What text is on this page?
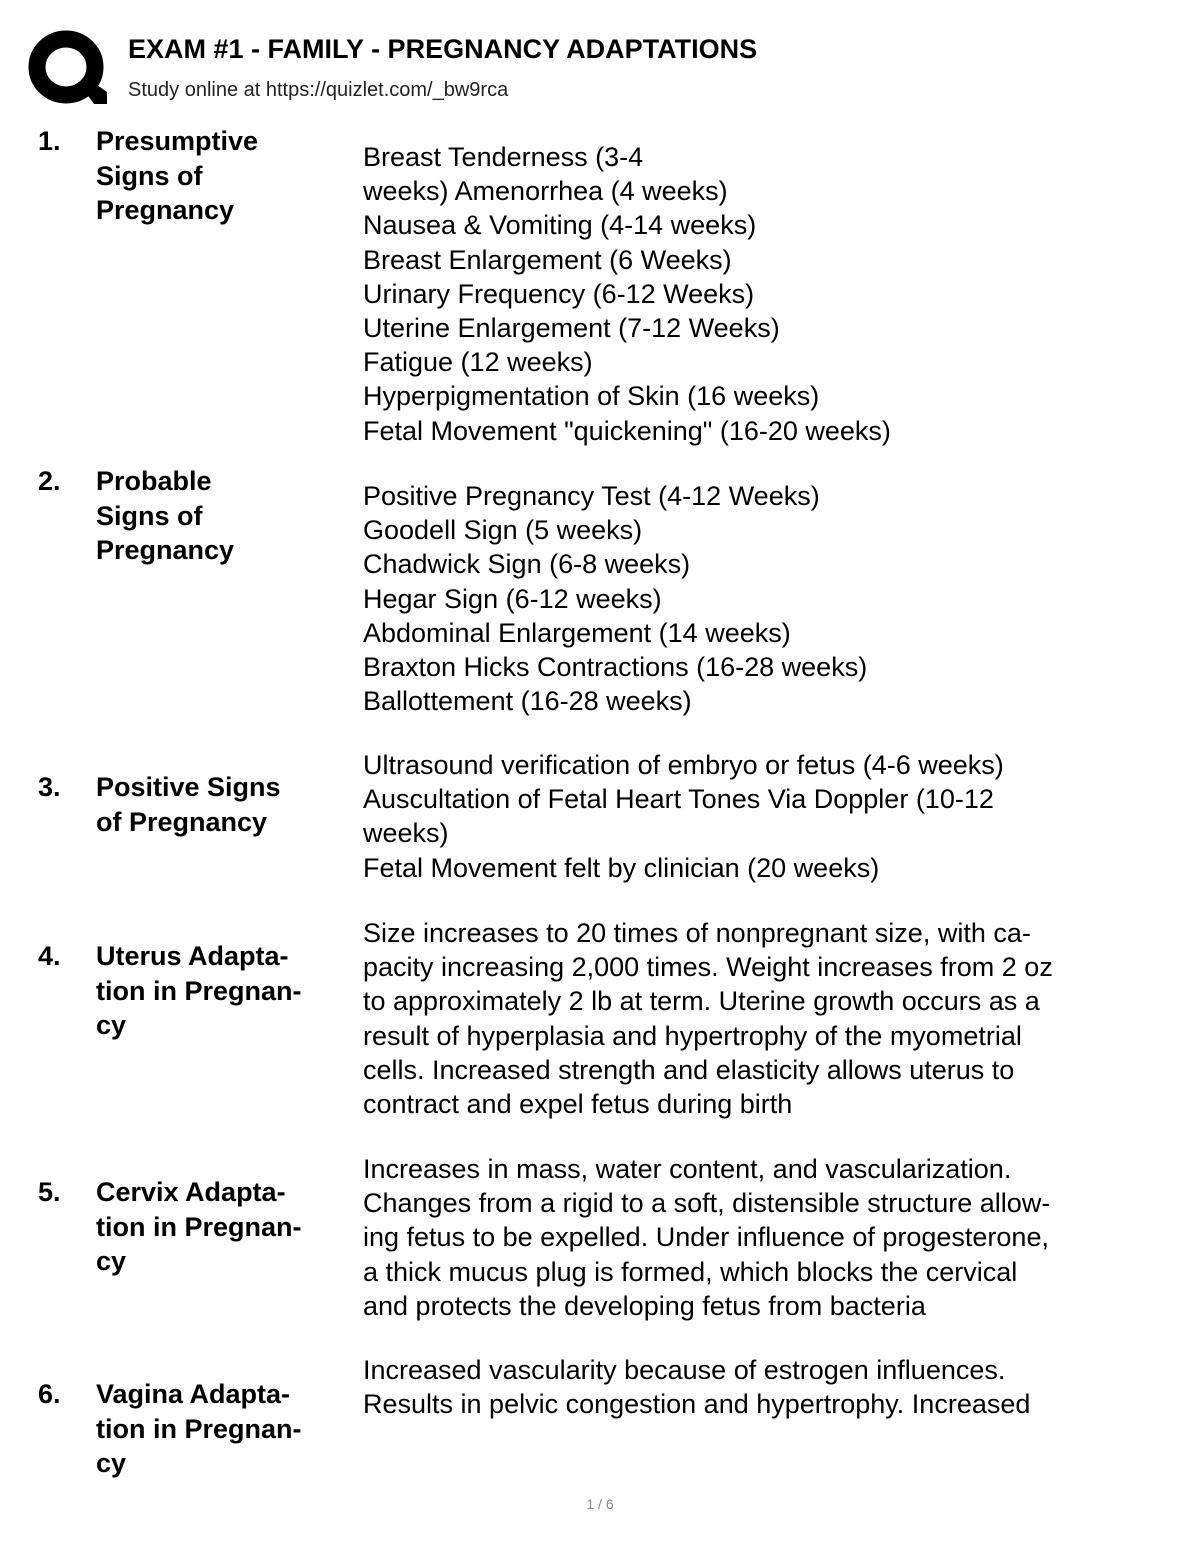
EXAM #1 - FAMILY - PREGNANCY ADAPTATIONS
Study online at https://quizlet.com/_bw9rca
1. Presumptive
Signs of
Pregnancy
Breast Tenderness (3-4
weeks) Amenorrhea (4 weeks)
Nausea & Vomiting (4-14 weeks)
Breast Enlargement (6 Weeks)
Urinary Frequency (6-12 Weeks)
Uterine Enlargement (7-12 Weeks)
Fatigue (12 weeks)
Hyperpigmentation of Skin (16 weeks)
Fetal Movement "quickening" (16-20 weeks)
2. Probable
Signs of
Pregnancy
Positive Pregnancy Test (4-12 Weeks)
Goodell Sign (5 weeks)
Chadwick Sign (6-8 weeks)
Hegar Sign (6-12 weeks)
Abdominal Enlargement (14 weeks)
Braxton Hicks Contractions (16-28 weeks)
Ballottement (16-28 weeks)
3. Positive Signs
of Pregnancy
Ultrasound verification of embryo or fetus (4-6 weeks)
Auscultation of Fetal Heart Tones Via Doppler (10-12
weeks)
Fetal Movement felt by clinician (20 weeks)
4. Uterus Adapta-
tion in Pregnan-
cy
Size increases to 20 times of nonpregnant size, with ca-
pacity increasing 2,000 times. Weight increases from 2 oz
to approximately 2 lb at term. Uterine growth occurs as a
result of hyperplasia and hypertrophy of the myometrial
cells. Increased strength and elasticity allows uterus to
contract and expel fetus during birth
5. Cervix Adapta-
tion in Pregnan-
cy
Increases in mass, water content, and vascularization.
Changes from a rigid to a soft, distensible structure allow-
ing fetus to be expelled. Under influence of progesterone,
a thick mucus plug is formed, which blocks the cervical
and protects the developing fetus from bacteria
6. Vagina Adapta-
tion in Pregnan-
cy
Increased vascularity because of estrogen influences.
Results in pelvic congestion and hypertrophy. Increased
1 / 6
